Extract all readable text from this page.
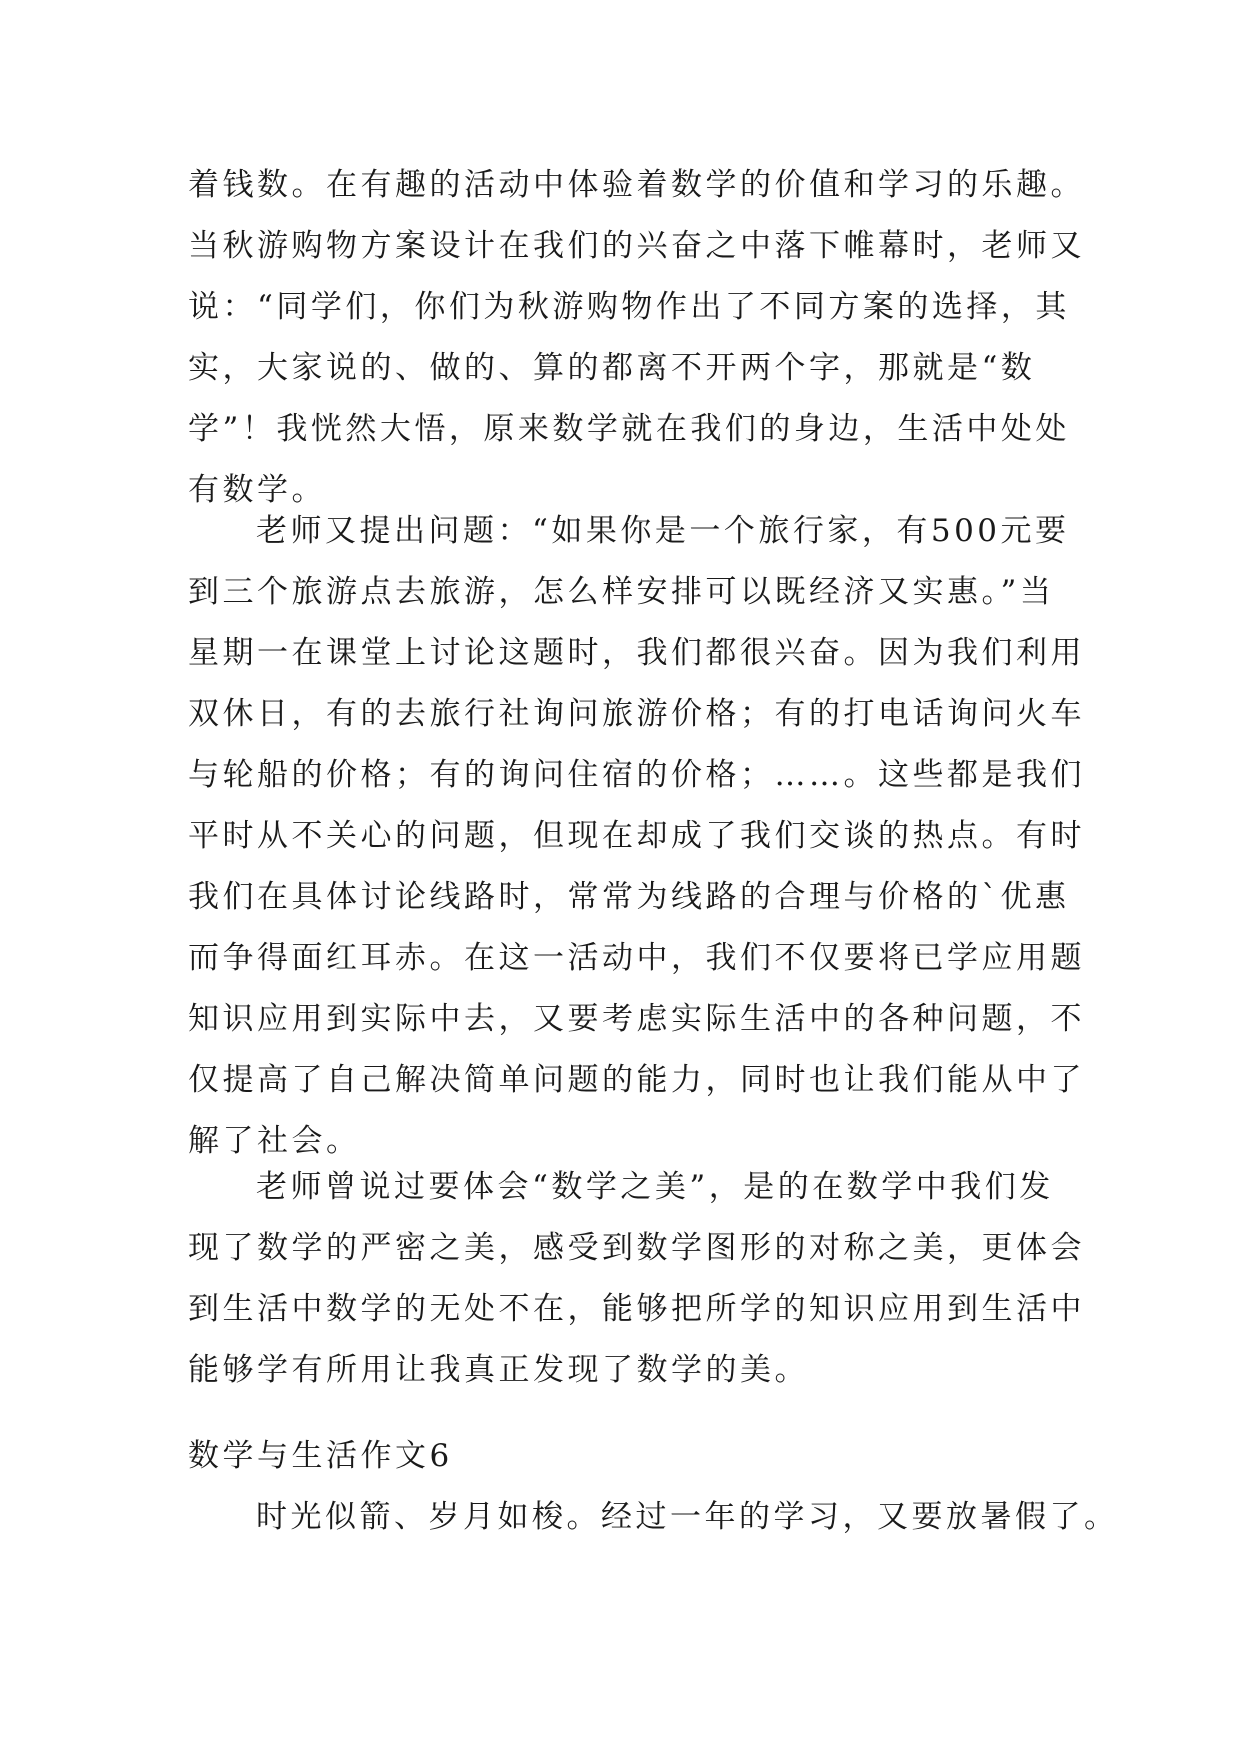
着钱数。在有趣的活动中体验着数学的价值和学习的乐趣。
当秋游购物方案设计在我们的兴奋之中落下帷幕时，老师又
说：“同学们，你们为秋游购物作出了不同方案的选择，其
实，大家说的、做的、算的都离不开两个字，那就是“数
学”！我恍然大悟，原来数学就在我们的身边，生活中处处
有数学。
老师又提出问题：“如果你是一个旅行家，有500元要
到三个旅游点去旅游，怎么样安排可以既经济又实惠。”当
星期一在课堂上讨论这题时，我们都很兴奋。因为我们利用
双休日，有的去旅行社询问旅游价格；有的打电话询问火车
与轮船的价格；有的询问住宿的价格；……。这些都是我们
平时从不关心的问题，但现在却成了我们交谈的热点。有时
我们在具体讨论线路时，常常为线路的合理与价格的`优惠
而争得面红耳赤。在这一活动中，我们不仅要将已学应用题
知识应用到实际中去，又要考虑实际生活中的各种问题，不
仅提高了自己解决简单问题的能力，同时也让我们能从中了
解了社会。
老师曾说过要体会“数学之美”，是的在数学中我们发
现了数学的严密之美，感受到数学图形的对称之美，更体会
到生活中数学的无处不在，能够把所学的知识应用到生活中
能够学有所用让我真正发现了数学的美。
数学与生活作文6
时光似箭、岁月如梭。经过一年的学习，又要放暑假了。
